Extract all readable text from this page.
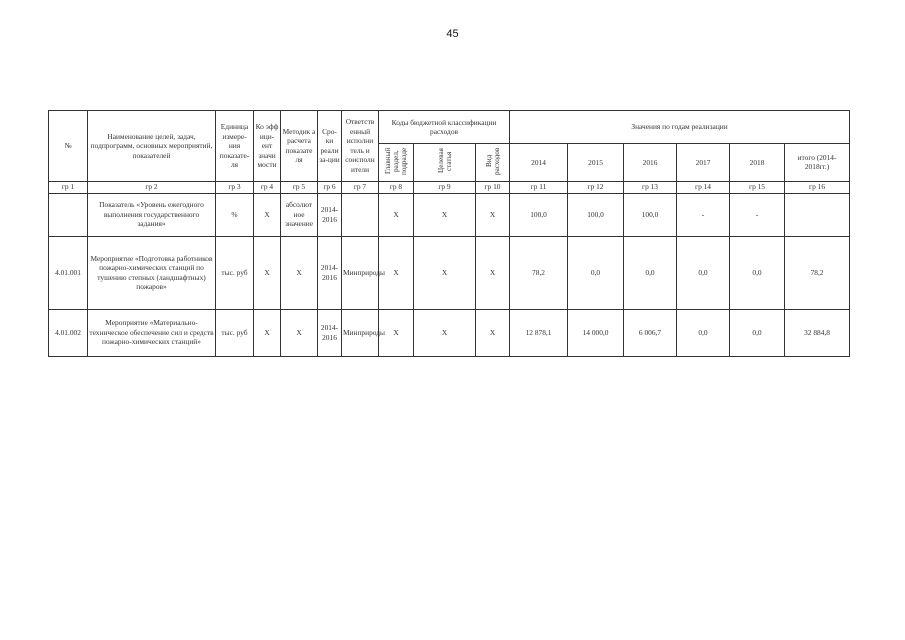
45
№	Наименование целей, задач, подпрограмм, основных мероприятий, показателей	Единица измере-ния показате-ля	Ко эфф ици-ент значи мости	Методик а расчета показате ля	Сро-ки реали за-ции	Ответств енный исполни тель и соисполн ители	Коды бюджетной классификации расходов			Значения по годам реализации					
							Главный раздел, подразде	Целевая статья	Вид расходов	2014	2015	2016	2017	2018	итого (2014-2018гг.)
гр 1	гр 2	гр 3	гр 4	гр 5	гр 6	гр 7	гр 8	гр 9	гр 10	гр 11	гр 12	гр 13	гр 14	гр 15	гр 16
	Показатель «Уровень ежегодного выполнения государственного задания»	%	X	абсолют ное значение	2014-2016		X	X	X	100,0	100,0	100,0	-	-	
4.01.001	Мероприятие «Подготовка работников пожарно-химических станций по тушению степных (ландшафтных) пожаров»	тыс. руб	X	X	2014-2016	Минприроды	X	X	X	78,2	0,0	0,0	0,0	0,0	78,2
4.01.002	Мероприятие «Материально-техническое обеспечение сил и средств пожарно-химических станций»	тыс. руб	X	X	2014-2016	Минприроды	X	X	X	12 878,1	14 000,0	6 006,7	0,0	0,0	32 884,8
